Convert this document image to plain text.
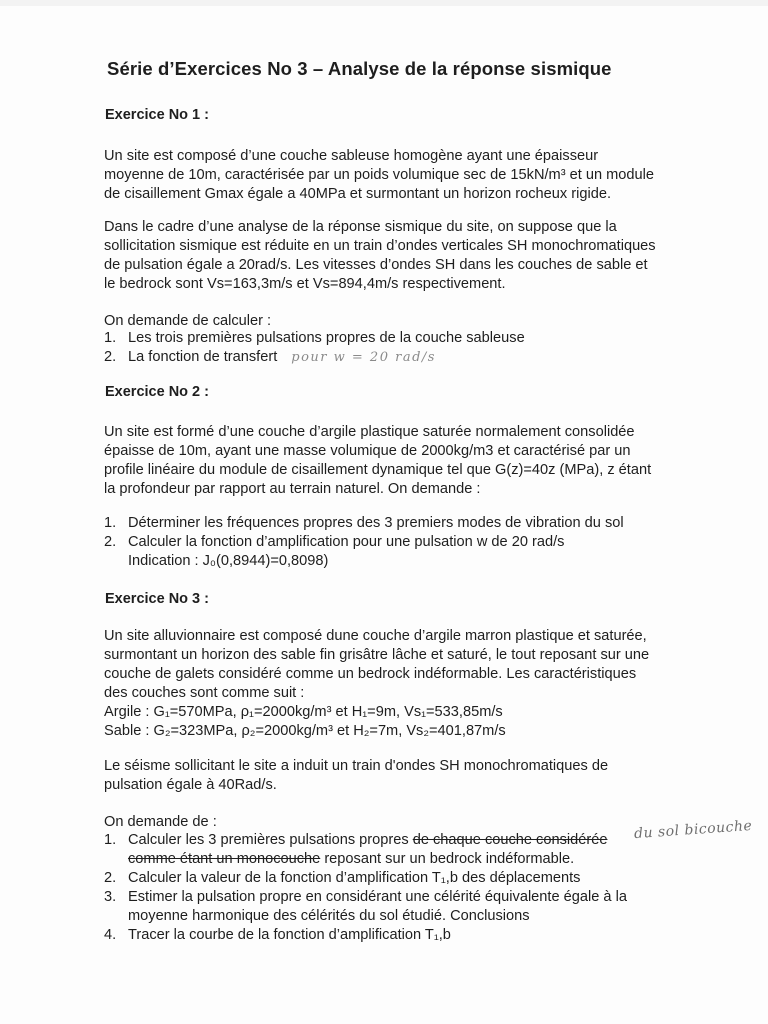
Série d’Exercices No 3 – Analyse de la réponse sismique
Exercice No 1 :
Un site est composé d’une couche sableuse homogène ayant une épaisseur
moyenne de 10m, caractérisée par un poids volumique sec de 15kN/m³ et un module
de cisaillement Gmax égale a 40MPa et surmontant un horizon rocheux rigide.
Dans le cadre d’une analyse de la réponse sismique du site, on suppose que la
sollicitation sismique est réduite en un train d’ondes verticales SH monochromatiques
de pulsation égale a 20rad/s. Les vitesses d’ondes SH dans les couches de sable et
le bedrock sont Vs=163,3m/s et Vs=894,4m/s respectivement.
On demande de calculer :
1. Les trois premières pulsations propres de la couche sableuse
2. La fonction de transfert pour w = 20 rad/s
Exercice No 2 :
Un site est formé d’une couche d’argile plastique saturée normalement consolidée
épaisse de 10m, ayant une masse volumique de 2000kg/m3 et caractérisé par un
profile linéaire du module de cisaillement dynamique tel que G(z)=40z (MPa), z étant
la profondeur par rapport au terrain naturel. On demande :
1. Déterminer les fréquences propres des 3 premiers modes de vibration du sol
2. Calculer la fonction d’amplification pour une pulsation w de 20 rad/s
Indication : J₀(0,8944)=0,8098)
Exercice No 3 :
Un site alluvionnaire est composé dune couche d’argile marron plastique et saturée,
surmontant un horizon des sable fin grisâtre lâche et saturé, le tout reposant sur une
couche de galets considéré comme un bedrock indéformable. Les caractéristiques
des couches sont comme suit :
Argile : G₁=570MPa, ρ₁=2000kg/m³ et H₁=9m, Vs₁=533,85m/s
Sable : G₂=323MPa, ρ₂=2000kg/m³ et H₂=7m, Vs₂=401,87m/s
Le séisme sollicitant le site a induit un train d'ondes SH monochromatiques de
pulsation égale à 40Rad/s.
On demande de :
1. Calculer les 3 premières pulsations propres de chaque couche considérée
comme étant un monocouche reposant sur un bedrock indéformable.
2. Calculer la valeur de la fonction d’amplification T₁,b des déplacements
3. Estimer la pulsation propre en considérant une célérité équivalente égale à la
moyenne harmonique des célérités du sol étudié. Conclusions
4. Tracer la courbe de la fonction d’amplification T₁,b
du sol bicouche
